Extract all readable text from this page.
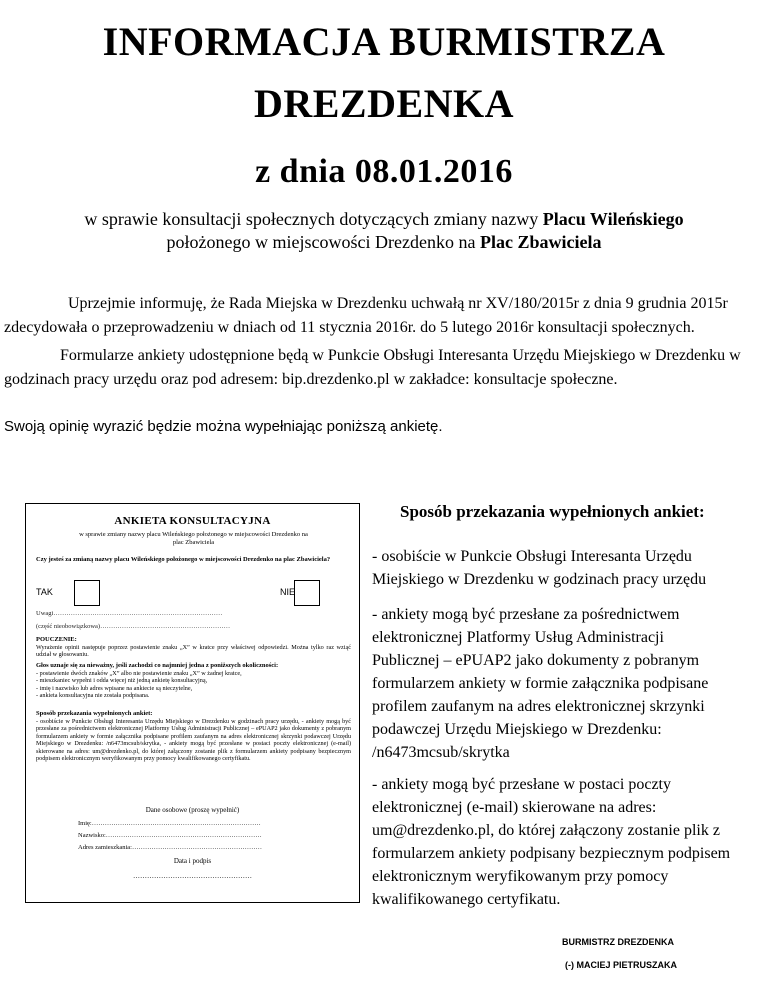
INFORMACJA BURMISTRZA
DREZDENKA
z dnia 08.01.2016
w sprawie konsultacji społecznych dotyczących zmiany nazwy Placu Wileńskiego
położonego w miejscowości Drezdenko na Plac Zbawiciela
Uprzejmie informuję, że Rada Miejska w Drezdenku uchwałą nr XV/180/2015r z dnia 9 grudnia 2015r zdecydowała o przeprowadzeniu w dniach od 11 stycznia 2016r. do 5 lutego 2016r konsultacji społecznych.
Formularze ankiety udostępnione będą w Punkcie Obsługi Interesanta Urzędu Miejskiego w Drezdenku w godzinach pracy urzędu oraz pod adresem: bip.drezdenko.pl w zakładce: konsultacje społeczne.
Swoją opinię wyrazić będzie można wypełniając poniższą ankietę.
ANKIETA KONSULTACYJNA
w sprawie zmiany nazwy placu Wileńskiego położonego w miejscowości Drezdenko na plac Zbawiciela
Czy jesteś za zmianą nazwy placu Wileńskiego położonego w miejscowości Drezdenko na plac Zbawiciela?
TAK	NIE
Uwagi……………………………………………………………………
(część nieobowiązkowa)……………………………………………………
POUCZENIE:
Wyrażenie opinii następuje poprzez postawienie znaku „X” w kratce przy właściwej odpowiedzi. Można tylko raz wziąć udział w głosowaniu.
Głos uznaje się za nieważny, jeśli zachodzi co najmniej jedna z poniższych okoliczności:
- postawienie dwóch znaków „X” albo nie postawienie znaku „X” w żadnej kratce,
- mieszkaniec wypełni i odda więcej niż jedną ankietę konsultacyjną,
- imię i nazwisko lub adres wpisane na ankiecie są nieczytelne,
- ankieta konsultacyjna nie została podpisana.
Sposób przekazania wypełnionych ankiet:
- osobiście w Punkcie Obsługi Interesanta Urzędu Miejskiego w Drezdenku w godzinach pracy urzędu, - ankiety mogą być przesłane za pośrednictwem elektronicznej Platformy Usług Administracji Publicznej – ePUAP2 jako dokumenty z pobranym formularzem ankiety w formie załącznika podpisane profilem zaufanym na adres elektronicznej skrzynki podawczej Urzędu Miejskiego w Drezdenku: /n6473mcsub/skrytka, - ankiety mogą być przesłane w postaci poczty elektronicznej (e-mail) skierowane na adres: um@drezdenko.pl, do której załączony zostanie plik z formularzem ankiety podpisany bezpiecznym podpisem elektronicznym weryfikowanym przy pomocy kwalifikowanego certyfikatu.
Dane osobowe (proszę wypełnić)
Imię:……………………………………………………………………
Nazwisko:………………………………………………………………
Adres zamieszkania:……………………………………………………
Data i podpis
……………………………………………
Sposób przekazania wypełnionych ankiet:
- osobiście w Punkcie Obsługi Interesanta Urzędu Miejskiego w Drezdenku w godzinach pracy urzędu
- ankiety mogą być przesłane za pośrednictwem elektronicznej Platformy Usług Administracji Publicznej – ePUAP2 jako dokumenty z pobranym formularzem ankiety w formie załącznika podpisane profilem zaufanym na adres elektronicznej skrzynki podawczej Urzędu Miejskiego w Drezdenku: /n6473mcsub/skrytka
- ankiety mogą być przesłane w postaci poczty elektronicznej (e-mail) skierowane na adres: um@drezdenko.pl, do której załączony zostanie plik z formularzem ankiety podpisany bezpiecznym podpisem elektronicznym weryfikowanym przy pomocy kwalifikowanego certyfikatu.
BURMISTRZ DREZDENKA
(-) MACIEJ PIETRUSZAKA
